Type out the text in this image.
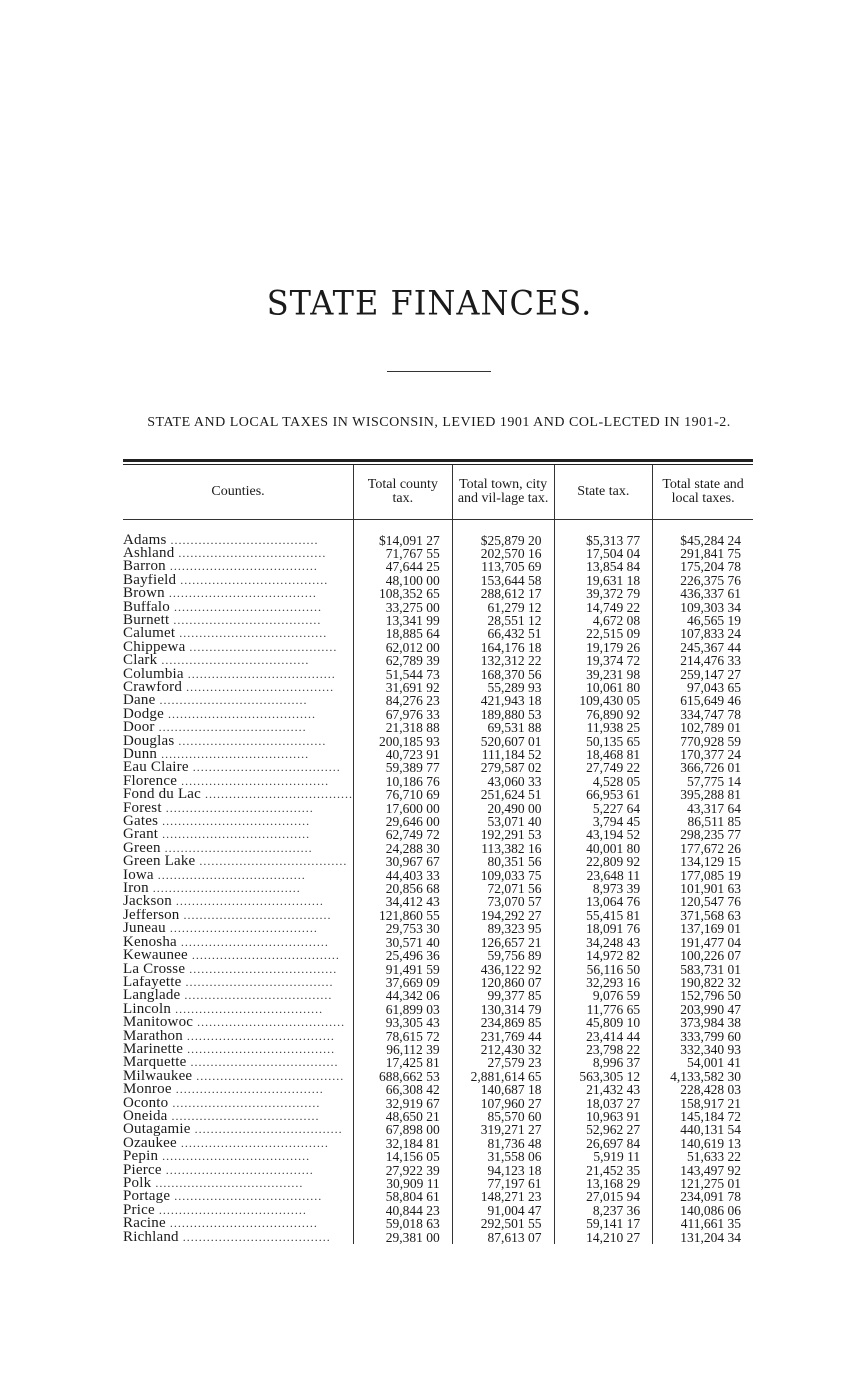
STATE FINANCES.
STATE AND LOCAL TAXES IN WISCONSIN, LEVIED 1901 AND COL-LECTED IN 1901-2.
Counties.	Total county tax.	Total town, city and vil-lage tax.	State tax.	Total state and local taxes.
Adams .....................................	$14,091 27	$25,879 20	$5,313 77	$45,284 24
Ashland .....................................	71,767 55	202,570 16	17,504 04	291,841 75
Barron .....................................	47,644 25	113,705 69	13,854 84	175,204 78
Bayfield .....................................	48,100 00	153,644 58	19,631 18	226,375 76
Brown .....................................	108,352 65	288,612 17	39,372 79	436,337 61
Buffalo .....................................	33,275 00	61,279 12	14,749 22	109,303 34
Burnett .....................................	13,341 99	28,551 12	4,672 08	46,565 19
Calumet .....................................	18,885 64	66,432 51	22,515 09	107,833 24
Chippewa .....................................	62,012 00	164,176 18	19,179 26	245,367 44
Clark .....................................	62,789 39	132,312 22	19,374 72	214,476 33
Columbia .....................................	51,544 73	168,370 56	39,231 98	259,147 27
Crawford .....................................	31,691 92	55,289 93	10,061 80	97,043 65
Dane .....................................	84,276 23	421,943 18	109,430 05	615,649 46
Dodge .....................................	67,976 33	189,880 53	76,890 92	334,747 78
Door .....................................	21,318 88	69,531 88	11,938 25	102,789 01
Douglas .....................................	200,185 93	520,607 01	50,135 65	770,928 59
Dunn .....................................	40,723 91	111,184 52	18,468 81	170,377 24
Eau Claire .....................................	59,389 77	279,587 02	27,749 22	366,726 01
Florence .....................................	10,186 76	43,060 33	4,528 05	57,775 14
Fond du Lac .....................................	76,710 69	251,624 51	66,953 61	395,288 81
Forest .....................................	17,600 00	20,490 00	5,227 64	43,317 64
Gates .....................................	29,646 00	53,071 40	3,794 45	86,511 85
Grant .....................................	62,749 72	192,291 53	43,194 52	298,235 77
Green .....................................	24,288 30	113,382 16	40,001 80	177,672 26
Green Lake .....................................	30,967 67	80,351 56	22,809 92	134,129 15
Iowa .....................................	44,403 33	109,033 75	23,648 11	177,085 19
Iron .....................................	20,856 68	72,071 56	8,973 39	101,901 63
Jackson .....................................	34,412 43	73,070 57	13,064 76	120,547 76
Jefferson .....................................	121,860 55	194,292 27	55,415 81	371,568 63
Juneau .....................................	29,753 30	89,323 95	18,091 76	137,169 01
Kenosha .....................................	30,571 40	126,657 21	34,248 43	191,477 04
Kewaunee .....................................	25,496 36	59,756 89	14,972 82	100,226 07
La Crosse .....................................	91,491 59	436,122 92	56,116 50	583,731 01
Lafayette .....................................	37,669 09	120,860 07	32,293 16	190,822 32
Langlade .....................................	44,342 06	99,377 85	9,076 59	152,796 50
Lincoln .....................................	61,899 03	130,314 79	11,776 65	203,990 47
Manitowoc .....................................	93,305 43	234,869 85	45,809 10	373,984 38
Marathon .....................................	78,615 72	231,769 44	23,414 44	333,799 60
Marinette .....................................	96,112 39	212,430 32	23,798 22	332,340 93
Marquette .....................................	17,425 81	27,579 23	8,996 37	54,001 41
Milwaukee .....................................	688,662 53	2,881,614 65	563,305 12	4,133,582 30
Monroe .....................................	66,308 42	140,687 18	21,432 43	228,428 03
Oconto .....................................	32,919 67	107,960 27	18,037 27	158,917 21
Oneida .....................................	48,650 21	85,570 60	10,963 91	145,184 72
Outagamie .....................................	67,898 00	319,271 27	52,962 27	440,131 54
Ozaukee .....................................	32,184 81	81,736 48	26,697 84	140,619 13
Pepin .....................................	14,156 05	31,558 06	5,919 11	51,633 22
Pierce .....................................	27,922 39	94,123 18	21,452 35	143,497 92
Polk .....................................	30,909 11	77,197 61	13,168 29	121,275 01
Portage .....................................	58,804 61	148,271 23	27,015 94	234,091 78
Price .....................................	40,844 23	91,004 47	8,237 36	140,086 06
Racine .....................................	59,018 63	292,501 55	59,141 17	411,661 35
Richland .....................................	29,381 00	87,613 07	14,210 27	131,204 34
